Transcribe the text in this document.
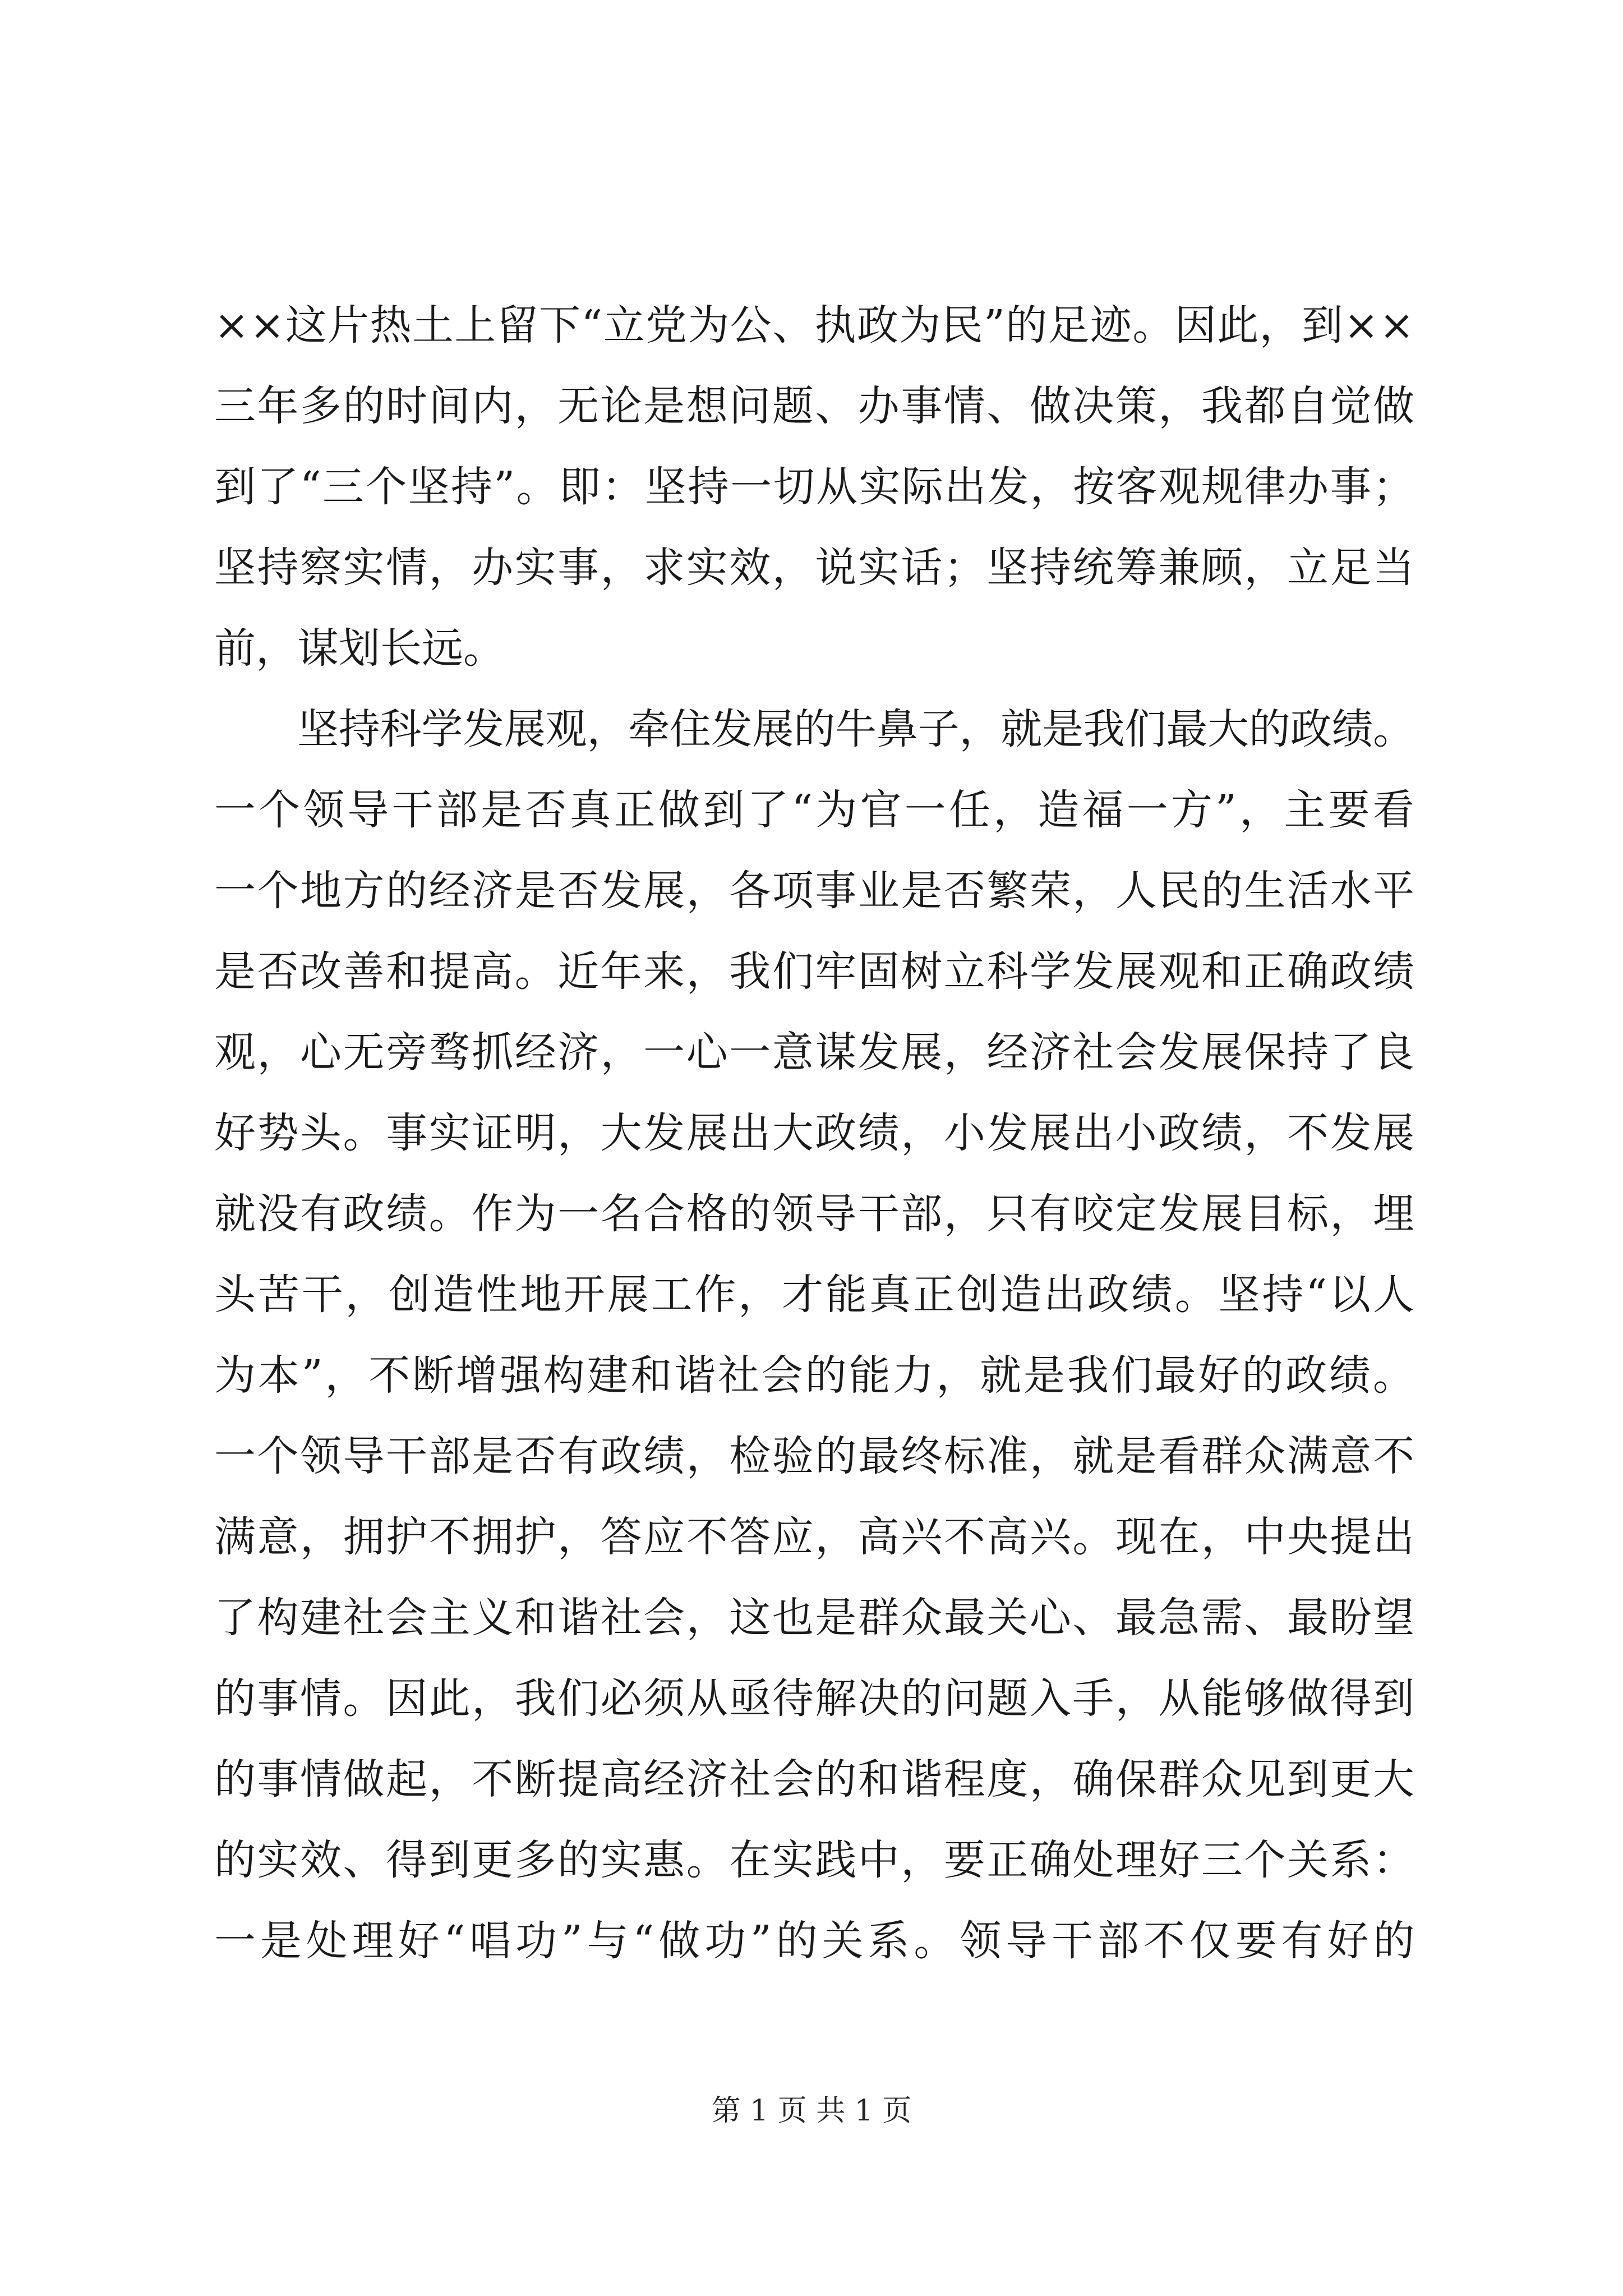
××这片热土上留下“立党为公、执政为民”的足迹。因此，到××
三年多的时间内，无论是想问题、办事情、做决策，我都自觉做
到了“三个坚持”。即：坚持一切从实际出发，按客观规律办事；
坚持察实情，办实事，求实效，说实话；坚持统筹兼顾，立足当
前，谋划长远。
坚持科学发展观，牵住发展的牛鼻子，就是我们最大的政绩。
一个领导干部是否真正做到了“为官一任，造福一方”，主要看
一个地方的经济是否发展，各项事业是否繁荣，人民的生活水平
是否改善和提高。近年来，我们牢固树立科学发展观和正确政绩
观，心无旁骛抓经济，一心一意谋发展，经济社会发展保持了良
好势头。事实证明，大发展出大政绩，小发展出小政绩，不发展
就没有政绩。作为一名合格的领导干部，只有咬定发展目标，埋
头苦干，创造性地开展工作，才能真正创造出政绩。坚持“以人
为本”，不断增强构建和谐社会的能力，就是我们最好的政绩。
一个领导干部是否有政绩，检验的最终标准，就是看群众满意不
满意，拥护不拥护，答应不答应，高兴不高兴。现在，中央提出
了构建社会主义和谐社会，这也是群众最关心、最急需、最盼望
的事情。因此，我们必须从亟待解决的问题入手，从能够做得到
的事情做起，不断提高经济社会的和谐程度，确保群众见到更大
的实效、得到更多的实惠。在实践中，要正确处理好三个关系：
一是处理好“唱功”与“做功”的关系。领导干部不仅要有好的
第 1 页 共 1 页
